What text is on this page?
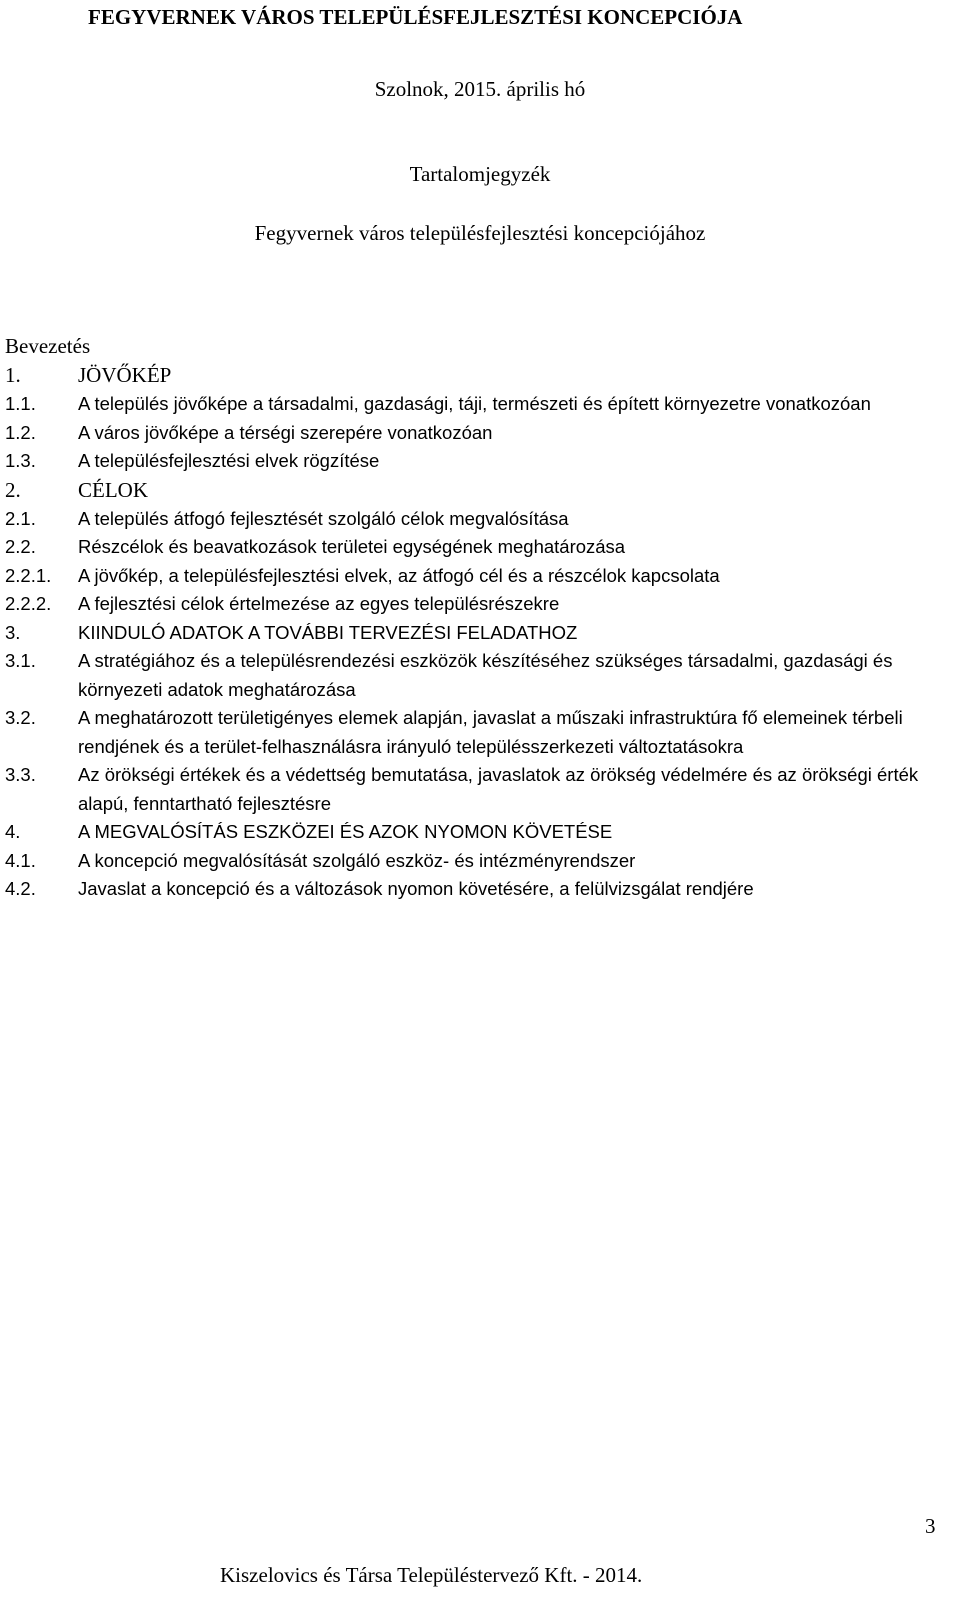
FEGYVERNEK VÁROS TELEPÜLÉSFEJLESZTÉSI KONCEPCIÓJA
Szolnok, 2015. április hó
Tartalomjegyzék
Fegyvernek város településfejlesztési koncepciójához
Bevezetés
1.	JÖVŐKÉP
1.1.	A település jövőképe a társadalmi, gazdasági, táji, természeti és épített környezetre vonatkozóan
1.2.	A város jövőképe a térségi szerepére vonatkozóan
1.3.	A településfejlesztési elvek rögzítése
2.	CÉLOK
2.1.	A település átfogó fejlesztését szolgáló célok megvalósítása
2.2.	Részcélok és beavatkozások területei egységének meghatározása
2.2.1.	A jövőkép, a településfejlesztési elvek, az átfogó cél és a részcélok kapcsolata
2.2.2.	A fejlesztési célok értelmezése az egyes településrészekre
3.	KIINDULÓ ADATOK A TOVÁBBI TERVEZÉSI FELADATHOZ
3.1.	A stratégiához és a településrendezési eszközök készítéséhez szükséges társadalmi, gazdasági és környezeti adatok meghatározása
3.2.	A meghatározott területigényes elemek alapján, javaslat a műszaki infrastruktúra fő elemeinek térbeli rendjének és a terület-felhasználásra irányuló településszerkezeti változtatásokra
3.3.	Az örökségi értékek és a védettség bemutatása, javaslatok az örökség védelmére és az örökségi érték alapú, fenntartható fejlesztésre
4.	A MEGVALÓSÍTÁS ESZKÖZEI ÉS AZOK NYOMON KÖVETÉSE
4.1.	A koncepció megvalósítását szolgáló eszköz- és intézményrendszer
4.2.	Javaslat a koncepció és a változások nyomon követésére, a felülvizsgálat rendjére
3
Kiszelovics és Társa Településtervező Kft. - 2014.
